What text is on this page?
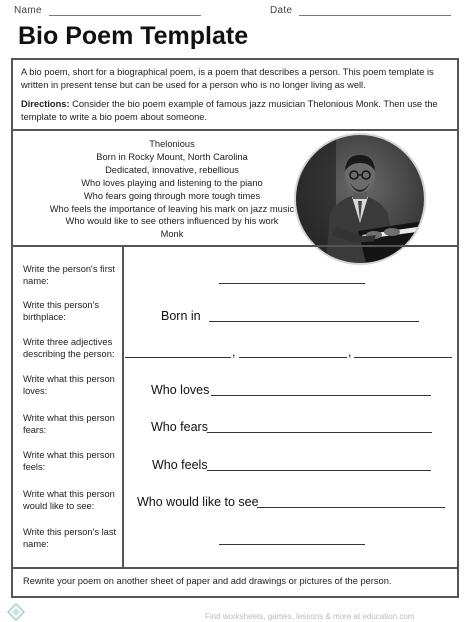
Name	Date
Bio Poem Template

A bio poem, short for a biographical poem, is a poem that describes a person. This poem template is written in present tense but can be used for a person who is no longer living as well.

Directions: Consider the bio poem example of famous jazz musician Thelonious Monk. Then use the template to write a bio poem about someone.

Thelonious
Born in Rocky Mount, North Carolina
Dedicated, innovative, rebellious
Who loves playing and listening to the piano
Who fears going through more tough times
Who feels the importance of leaving his mark on jazz music
Who would like to see others influenced by his work
Monk
Write the person's first name:
Write this person's birthplace:
Write three adjectives describing the person:
Write what this person loves:
Write what this person fears:
Write what this person feels:
Write what this person would like to see:
Write this person's last name:
Born in
,	,
Who loves
Who fears
Who feels
Who would like to see
Rewrite your poem on another sheet of paper and add drawings or pictures of the person.
Find worksheets, games, lessons & more at education.com
